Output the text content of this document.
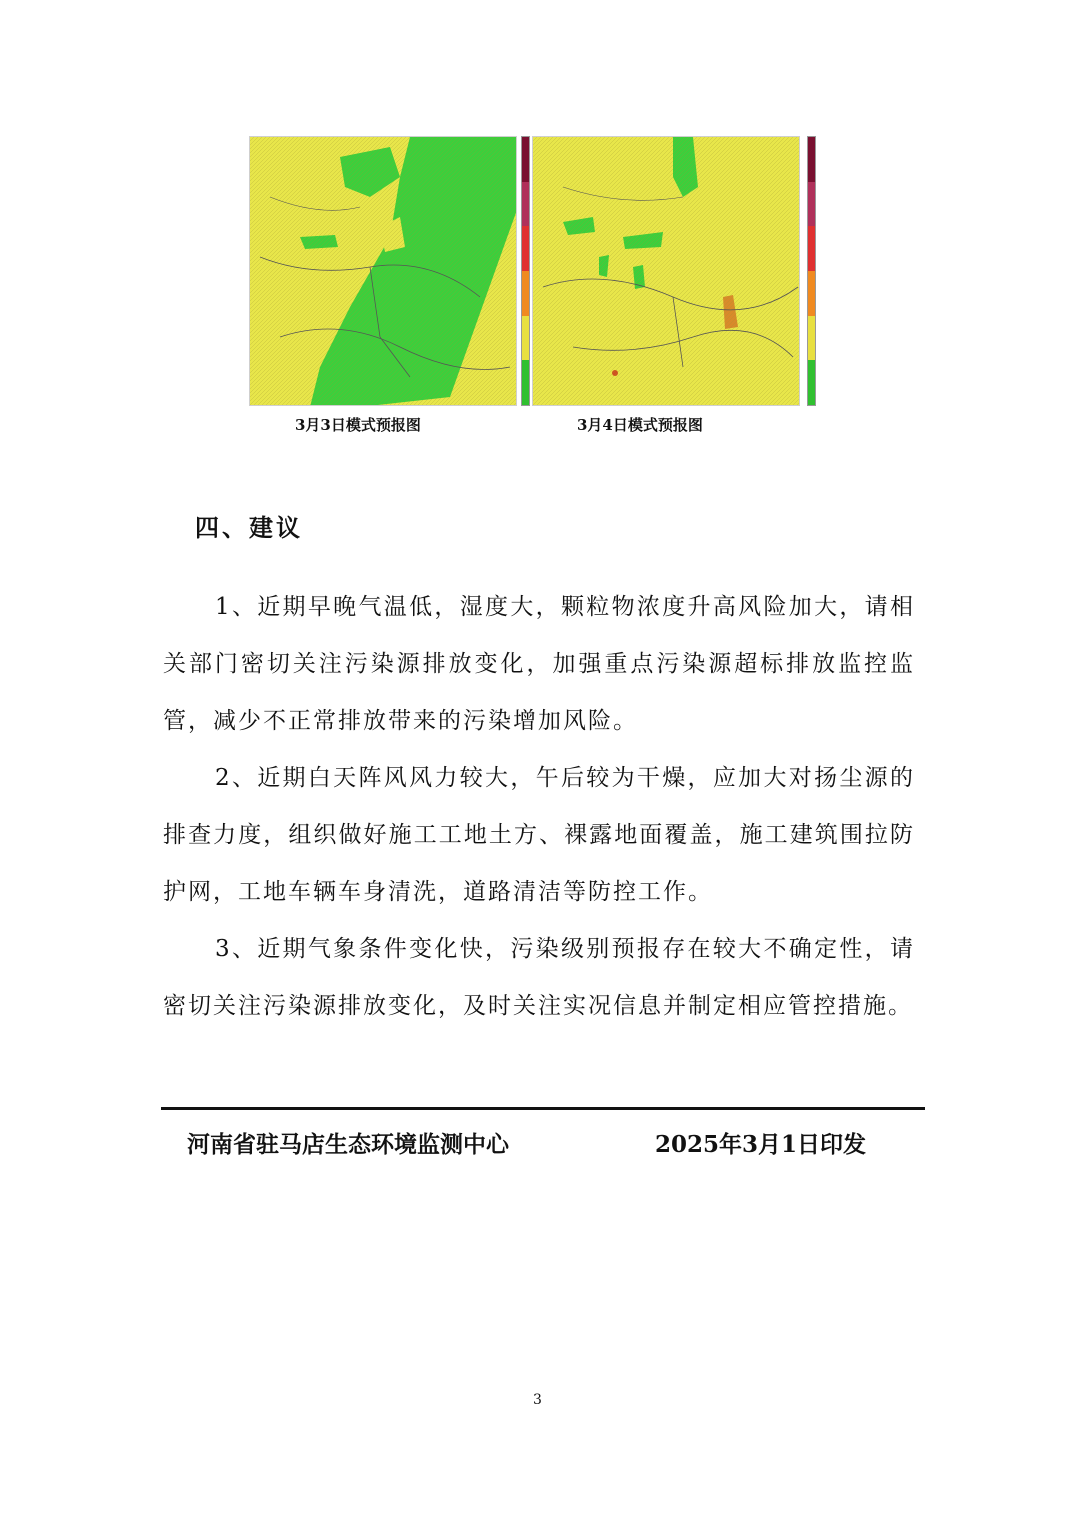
3月3日模式预报图	3月4日模式预报图
四、建议

1、近期早晚气温低，湿度大，颗粒物浓度升高风险加大，请相关部门密切关注污染源排放变化，加强重点污染源超标排放监控监管，减少不正常排放带来的污染增加风险。

2、近期白天阵风风力较大，午后较为干燥，应加大对扬尘源的排查力度，组织做好施工工地土方、裸露地面覆盖，施工建筑围拉防护网，工地车辆车身清洗，道路清洁等防控工作。

3、近期气象条件变化快，污染级别预报存在较大不确定性，请密切关注污染源排放变化，及时关注实况信息并制定相应管控措施。

河南省驻马店生态环境监测中心	2025年3月1日印发
3
